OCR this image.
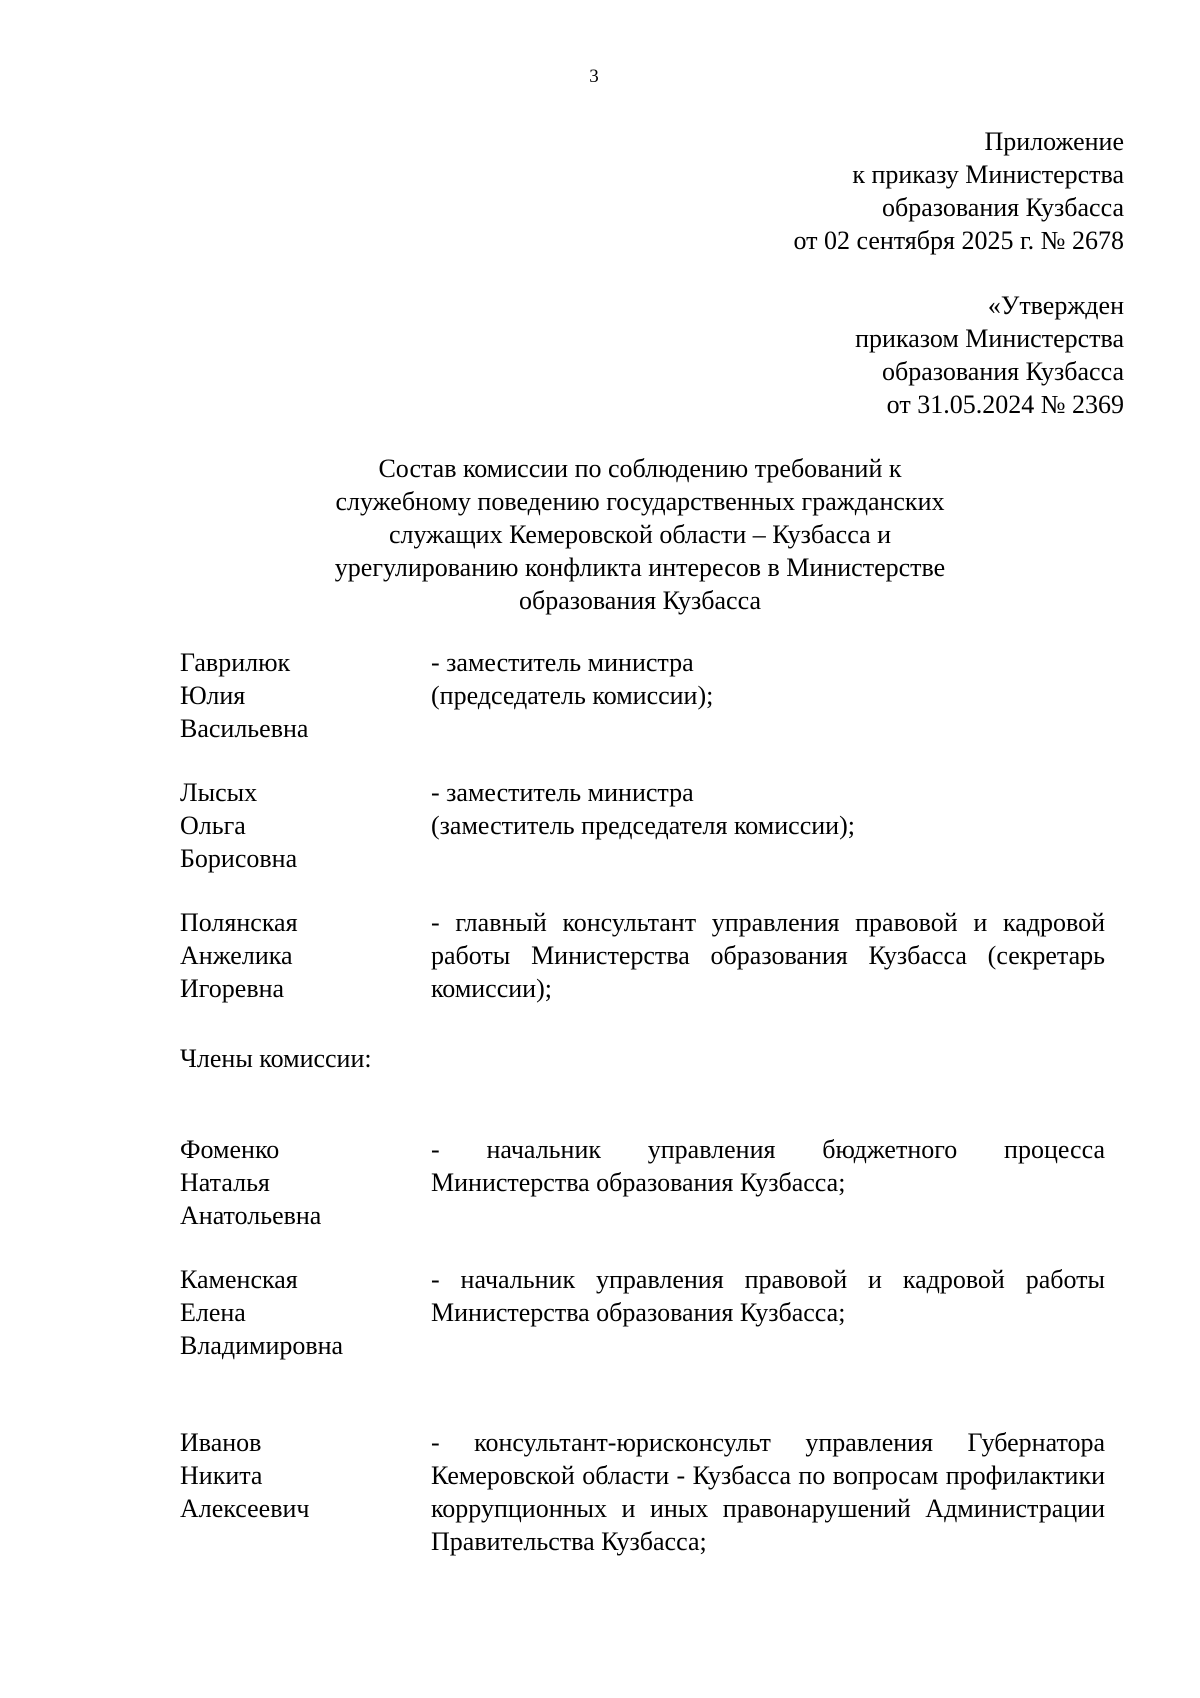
3
Приложение
к приказу Министерства
образования Кузбасса
от 02 сентября 2025 г. № 2678
«Утвержден
приказом Министерства
образования Кузбасса
от 31.05.2024 № 2369
Состав комиссии по соблюдению требований к
служебному поведению государственных гражданских
служащих Кемеровской области – Кузбасса и
урегулированию конфликта интересов в Министерстве
образования Кузбасса
Гаврилюк
Юлия
Васильевна
- заместитель министра
(председатель комиссии);
Лысых
Ольга
Борисовна
- заместитель министра
(заместитель председателя комиссии);
Полянская
Анжелика
Игоревна
- главный консультант управления правовой и кадровой работы Министерства образования Кузбасса (секретарь комиссии);
Члены комиссии:
Фоменко
Наталья
Анатольевна
- начальник управления бюджетного процесса Министерства образования Кузбасса;
Каменская
Елена
Владимировна
- начальник управления правовой и кадровой работы Министерства образования Кузбасса;
Иванов
Никита
Алексеевич
- консультант-юрисконсульт управления Губернатора Кемеровской области - Кузбасса по вопросам профилактики коррупционных и иных правонарушений Администрации Правительства Кузбасса;
